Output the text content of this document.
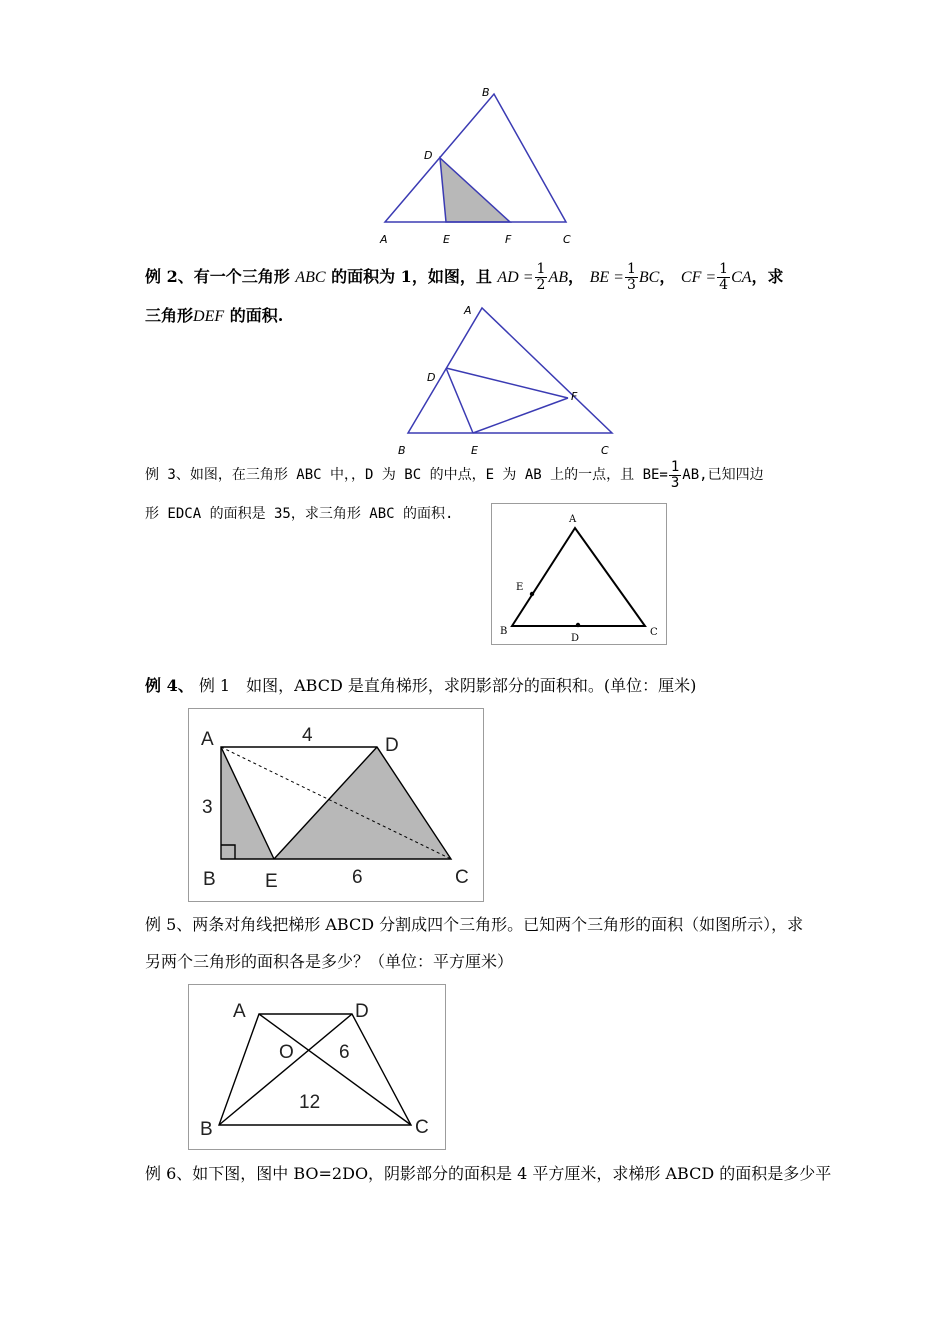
B
D
A	E	F	C
例 2、有一个三角形 ABC 的面积为 1，如图，且 AD = $\frac{1}{2}$ AB， BE = $\frac{1}{3}$ BC， CF = $\frac{1}{4}$ CA，求
三角形DEF 的面积.	A
D
F
B	E	C
例 3、如图，在三角形 ABC 中，，D 为 BC 的中点，E 为 AB 上的一点，且 $BE= \frac{1}{3}$ AB,已知四边
形 EDCA 的面积是 35，求三角形 ABC 的面积.	A
E
B
D
C
例 4、 例 1　如图，ABCD 是直角梯形，求阴影部分的面积和。(单位：厘米)
A	4	D
3
B	E	6	C
例 5、两条对角线把梯形 ABCD 分割成四个三角形。已知两个三角形的面积（如图所示），求
另两个三角形的面积各是多少？（单位：平方厘米）
A	D
O 6
12
B	C
例 6、如下图，图中 BO=2DO，阴影部分的面积是 4 平方厘米，求梯形 ABCD 的面积是多少平
